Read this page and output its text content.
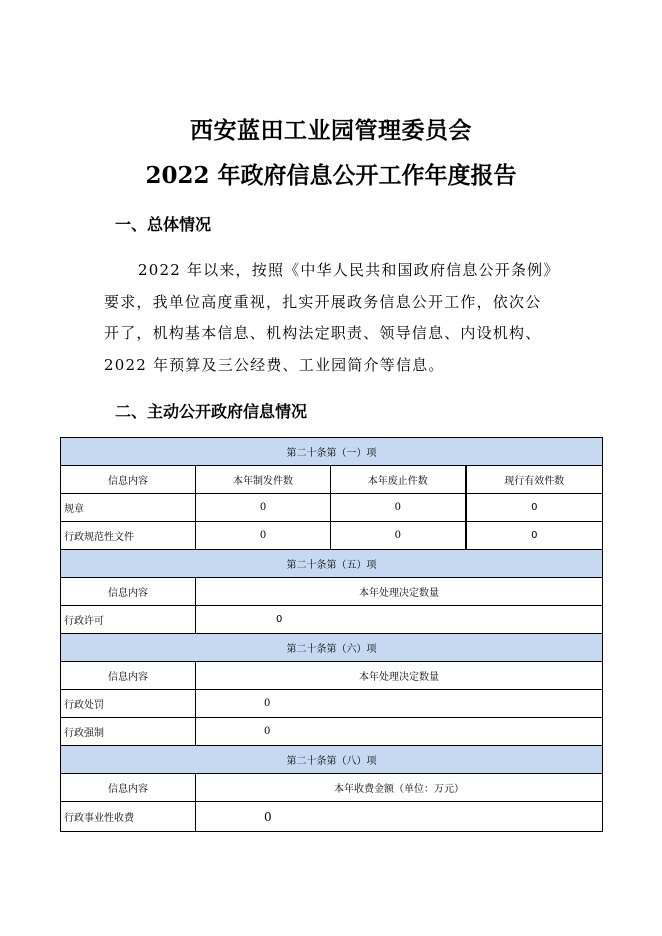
西安蓝田工业园管理委员会
2022 年政府信息公开工作年度报告
一、总体情况
2022 年以来，按照《中华人民共和国政府信息公开条例》
要求，我单位高度重视，扎实开展政务信息公开工作，依次公
开了，机构基本信息、机构法定职责、领导信息、内设机构、
2022 年预算及三公经费、工业园简介等信息。
二、主动公开政府信息情况
第二十条第（一）项			
信息内容	本年制发件数	本年废止件数	现行有效件数
规章	0	0	0
行政规范性文件	0	0	0
第二十条第（五）项			
信息内容	本年处理决定数量		
行政许可	0		
第二十条第（六）项			
信息内容	本年处理决定数量		
行政处罚	0		
行政强制	0		
第二十条第（八）项			
信息内容	本年收费金额（单位：万元）		
行政事业性收费	0		
